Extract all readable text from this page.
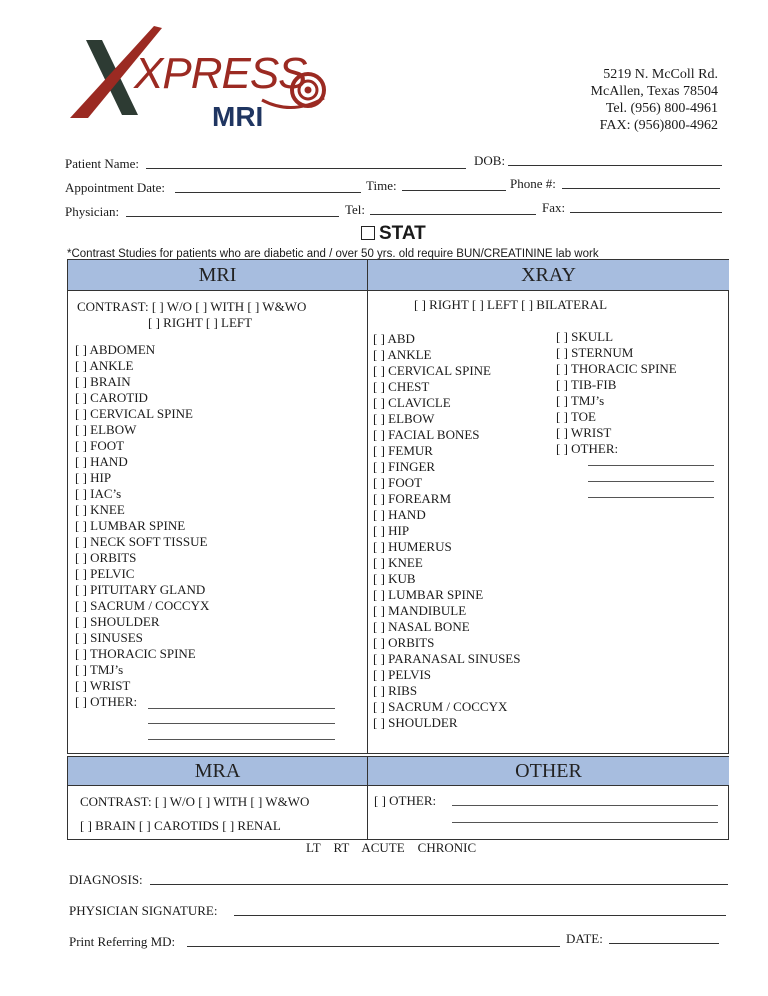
XPRESS
MRI
5219 N. McColl Rd.
McAllen, Texas 78504
Tel. (956) 800-4961
FAX: (956)800-4962
Patient Name:	DOB:
Appointment Date:	Time:	Phone #:
Physician:	Tel:	Fax:
STAT
*Contrast Studies for patients who are diabetic and / over 50 yrs. old require BUN/CREATININE lab work
MRI	XRAY
CONTRAST: [ ] W/O [ ] WITH [ ] W&WO
[ ] RIGHT [ ] LEFT
[ ] ABDOMEN
[ ] ANKLE
[ ] BRAIN
[ ] CAROTID
[ ] CERVICAL SPINE
[ ] ELBOW
[ ] FOOT
[ ] HAND
[ ] HIP
[ ] IAC’s
[ ] KNEE
[ ] LUMBAR SPINE
[ ] NECK SOFT TISSUE
[ ] ORBITS
[ ] PELVIC
[ ] PITUITARY GLAND
[ ] SACRUM / COCCYX
[ ] SHOULDER
[ ] SINUSES
[ ] THORACIC SPINE
[ ] TMJ’s
[ ] WRIST
[ ] OTHER:
[ ] RIGHT [ ] LEFT [ ] BILATERAL
[ ] ABD
[ ] ANKLE
[ ] CERVICAL SPINE
[ ] CHEST
[ ] CLAVICLE
[ ] ELBOW
[ ] FACIAL BONES
[ ] FEMUR
[ ] FINGER
[ ] FOOT
[ ] FOREARM
[ ] HAND
[ ] HIP
[ ] HUMERUS
[ ] KNEE
[ ] KUB
[ ] LUMBAR SPINE
[ ] MANDIBULE
[ ] NASAL BONE
[ ] ORBITS
[ ] PARANASAL SINUSES
[ ] PELVIS
[ ] RIBS
[ ] SACRUM / COCCYX
[ ] SHOULDER
[ ] SKULL
[ ] STERNUM
[ ] THORACIC SPINE
[ ] TIB-FIB
[ ] TMJ’s
[ ] TOE
[ ] WRIST
[ ] OTHER:
MRA	OTHER
CONTRAST: [ ] W/O [ ] WITH [ ] W&WO
[ ] BRAIN [ ] CAROTIDS [ ] RENAL
[ ] OTHER:
LT    RT    ACUTE    CHRONIC
DIAGNOSIS:
PHYSICIAN SIGNATURE:
Print Referring MD:	DATE:
